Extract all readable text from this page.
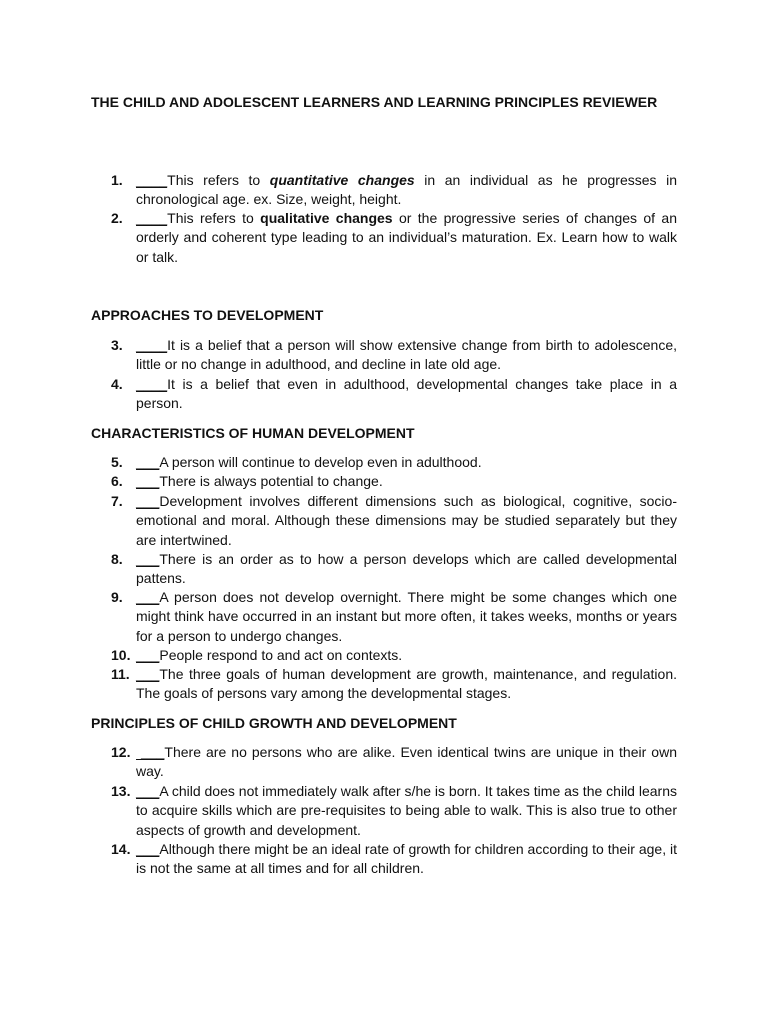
THE CHILD AND ADOLESCENT LEARNERS AND LEARNING PRINCIPLES REVIEWER
1. ____This refers to quantitative changes in an individual as he progresses in chronological age. ex. Size, weight, height.
2. ____This refers to qualitative changes or the progressive series of changes of an orderly and coherent type leading to an individual’s maturation. Ex. Learn how to walk or talk.
APPROACHES TO DEVELOPMENT
3. ____It is a belief that a person will show extensive change from birth to adolescence, little or no change in adulthood, and decline in late old age.
4. ____It is a belief that even in adulthood, developmental changes take place in a person.
CHARACTERISTICS OF HUMAN DEVELOPMENT
5. ___A person will continue to develop even in adulthood.
6. ___There is always potential to change.
7. ___Development involves different dimensions such as biological, cognitive, socio-emotional and moral. Although these dimensions may be studied separately but they are intertwined.
8. ___There is an order as to how a person develops which are called developmental pattens.
9. ___A person does not develop overnight. There might be some changes which one might think have occurred in an instant but more often, it takes weeks, months or years for a person to undergo changes.
10. ___People respond to and act on contexts.
11. ___The three goals of human development are growth, maintenance, and regulation. The goals of persons vary among the developmental stages.
PRINCIPLES OF CHILD GROWTH AND DEVELOPMENT
12. ___There are no persons who are alike. Even identical twins are unique in their own way.
13. ___A child does not immediately walk after s/he is born. It takes time as the child learns to acquire skills which are pre-requisites to being able to walk. This is also true to other aspects of growth and development.
14. ___Although there might be an ideal rate of growth for children according to their age, it is not the same at all times and for all children.
